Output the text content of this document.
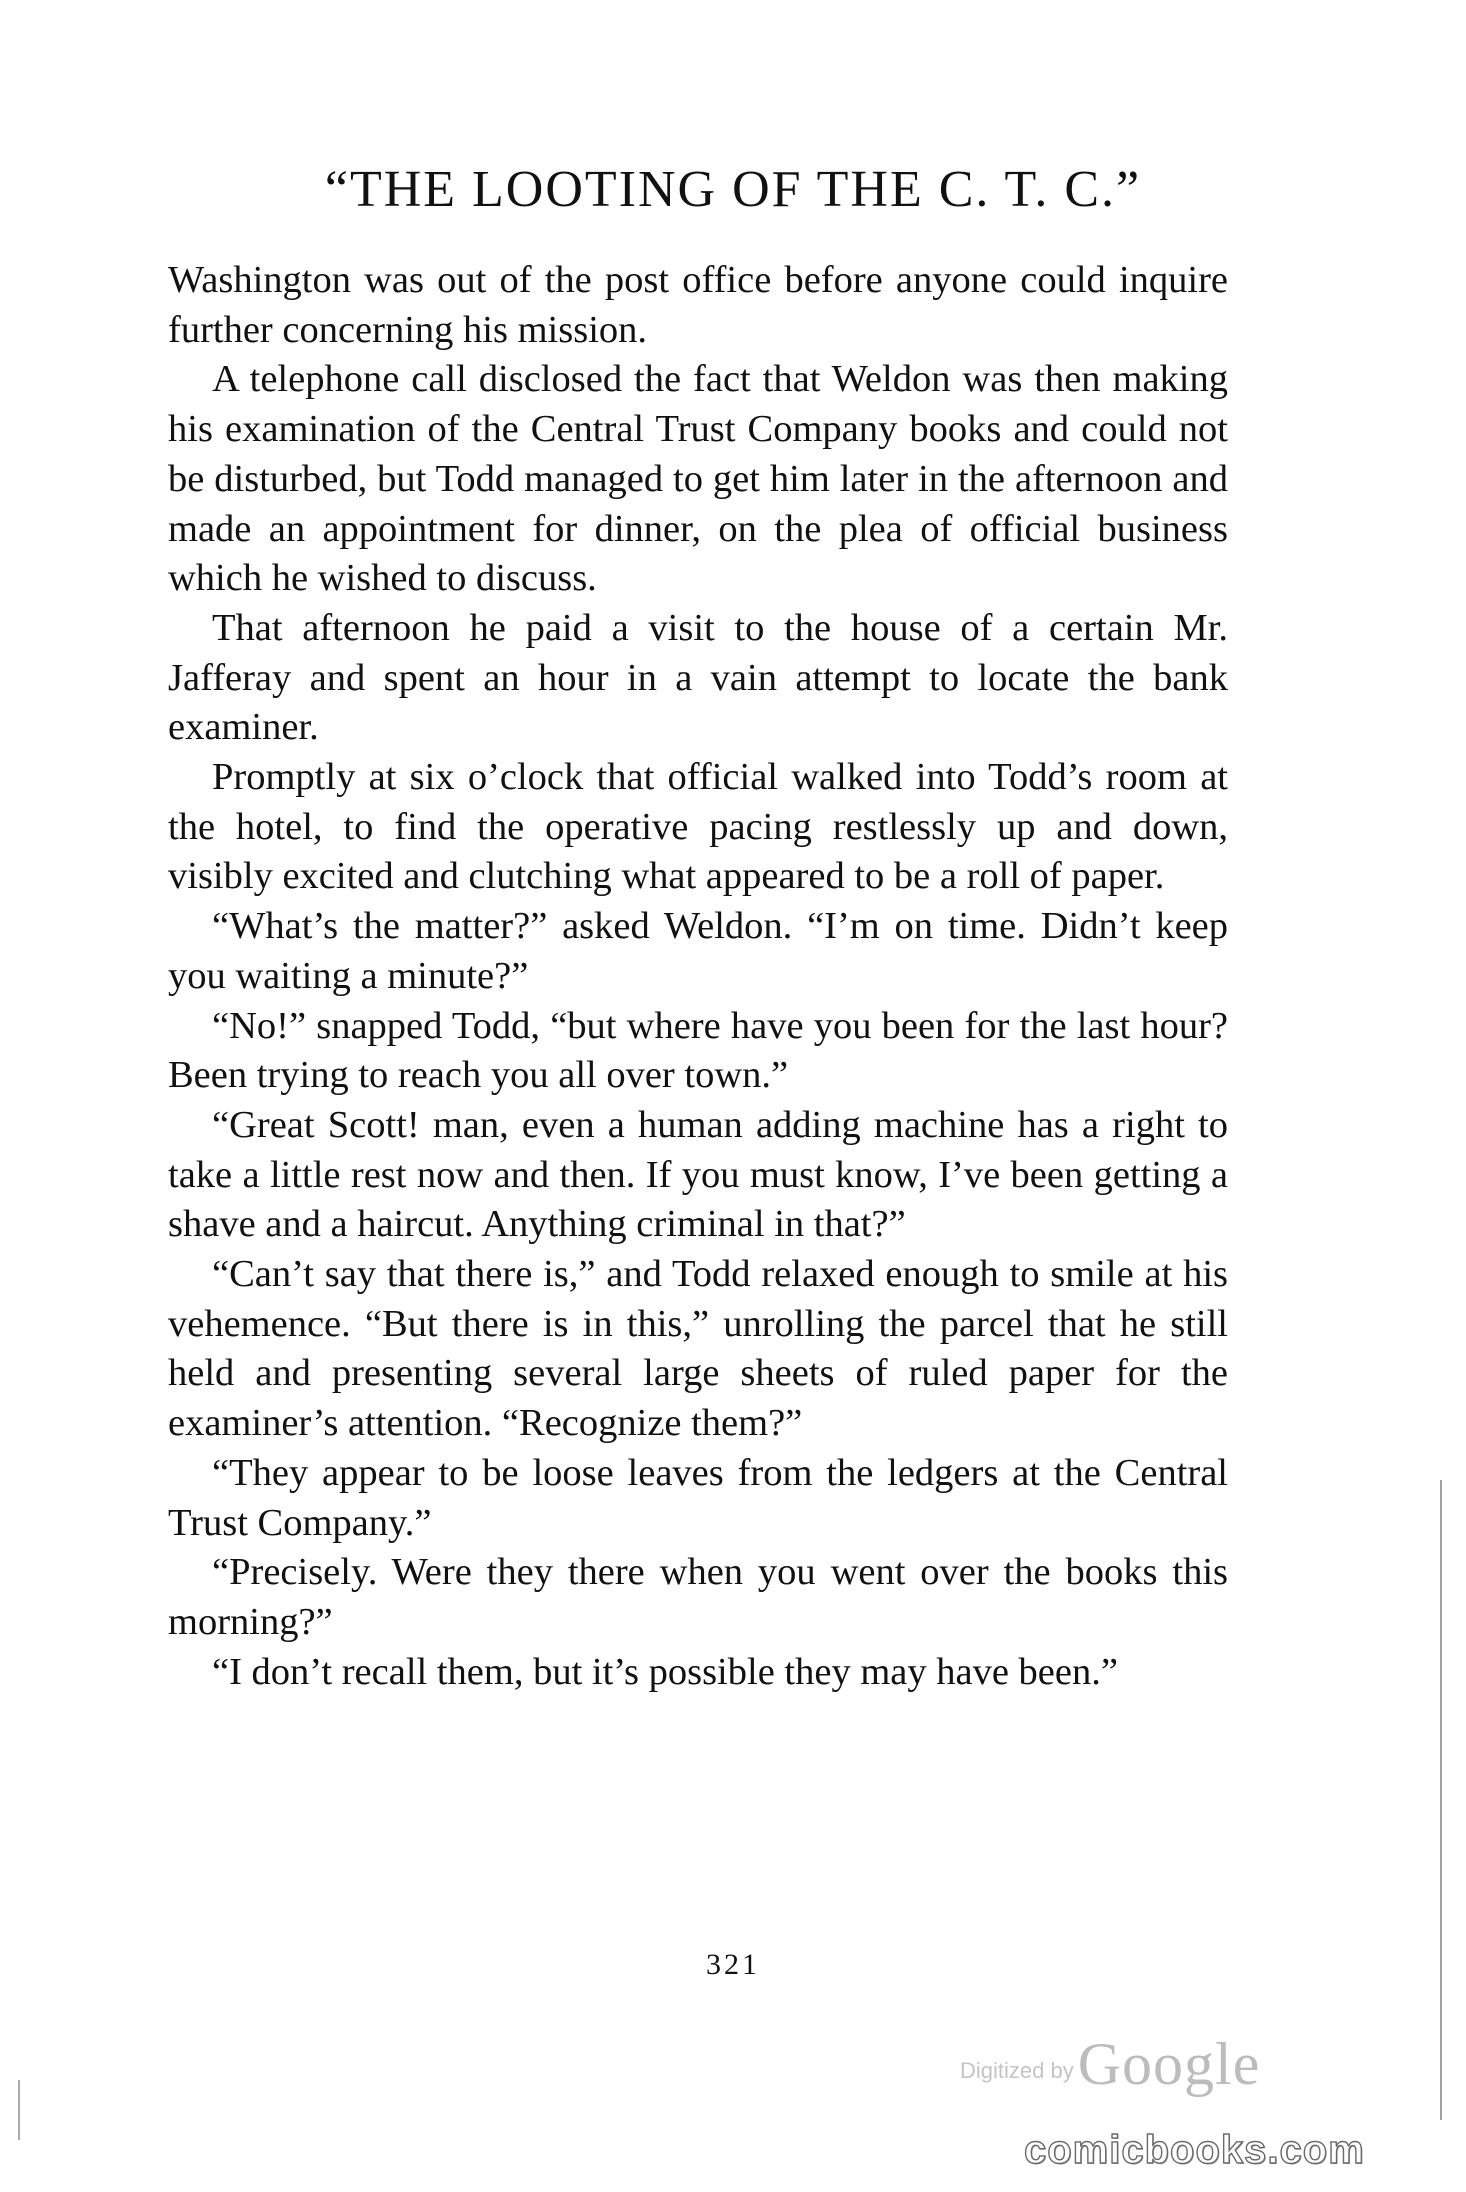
“THE LOOTING OF THE C. T. C.”

Washington was out of the post office before anyone could inquire further concerning his mission.

A telephone call disclosed the fact that Weldon was then making his examination of the Central Trust Company books and could not be disturbed, but Todd managed to get him later in the afternoon and made an appointment for dinner, on the plea of official business which he wished to discuss.

That afternoon he paid a visit to the house of a certain Mr. Jafferay and spent an hour in a vain attempt to locate the bank examiner.

Promptly at six o’clock that official walked into Todd’s room at the hotel, to find the operative pacing restlessly up and down, visibly excited and clutching what appeared to be a roll of paper.

“What’s the matter?” asked Weldon. “I’m on time. Didn’t keep you waiting a minute?”

“No!” snapped Todd, “but where have you been for the last hour? Been trying to reach you all over town.”

“Great Scott! man, even a human adding machine has a right to take a little rest now and then. If you must know, I’ve been getting a shave and a haircut. Anything criminal in that?”

“Can’t say that there is,” and Todd relaxed enough to smile at his vehemence. “But there is in this,” unrolling the parcel that he still held and presenting several large sheets of ruled paper for the examiner’s attention. “Recognize them?”

“They appear to be loose leaves from the ledgers at the Central Trust Company.”

“Precisely. Were they there when you went over the books this morning?”

“I don’t recall them, but it’s possible they may have been.”

321
Digitized by Google
comicbooks.com
